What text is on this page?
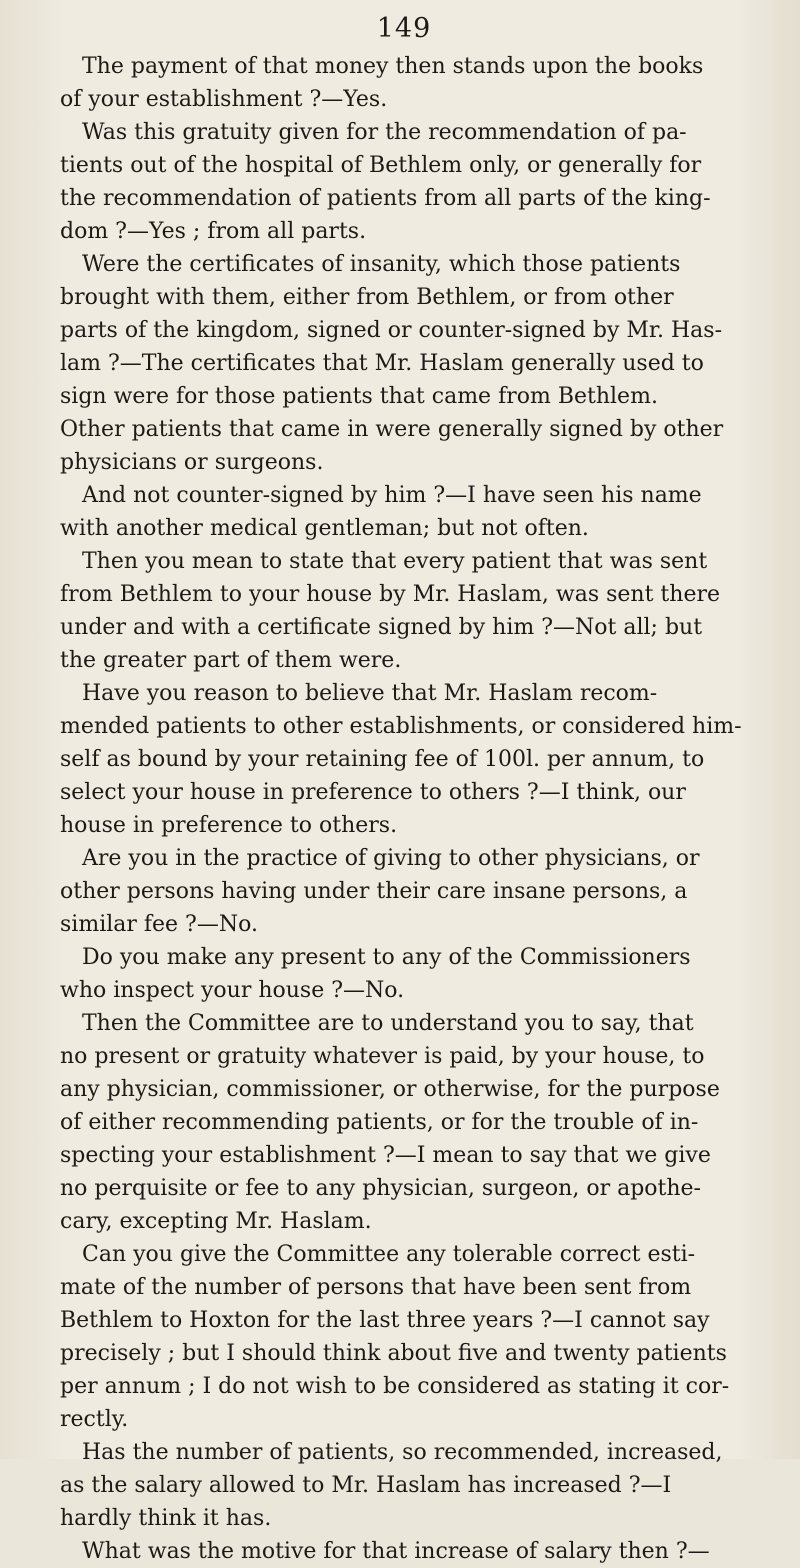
149

The payment of that money then stands upon the books
of your establishment ?—Yes.

Was this gratuity given for the recommendation of pa-
tients out of the hospital of Bethlem only, or generally for
the recommendation of patients from all parts of the king-
dom ?—Yes ; from all parts.

Were the certificates of insanity, which those patients
brought with them, either from Bethlem, or from other
parts of the kingdom, signed or counter-signed by Mr. Has-
lam ?—The certificates that Mr. Haslam generally used to
sign were for those patients that came from Bethlem.
Other patients that came in were generally signed by other
physicians or surgeons.

And not counter-signed by him ?—I have seen his name
with another medical gentleman; but not often.

Then you mean to state that every patient that was sent
from Bethlem to your house by Mr. Haslam, was sent there
under and with a certificate signed by him ?—Not all; but
the greater part of them were.

Have you reason to believe that Mr. Haslam recom-
mended patients to other establishments, or considered him-
self as bound by your retaining fee of 100l. per annum, to
select your house in preference to others ?—I think, our
house in preference to others.

Are you in the practice of giving to other physicians, or
other persons having under their care insane persons, a
similar fee ?—No.

Do you make any present to any of the Commissioners
who inspect your house ?—No.

Then the Committee are to understand you to say, that
no present or gratuity whatever is paid, by your house, to
any physician, commissioner, or otherwise, for the purpose
of either recommending patients, or for the trouble of in-
specting your establishment ?—I mean to say that we give
no perquisite or fee to any physician, surgeon, or apothe-
cary, excepting Mr. Haslam.

Can you give the Committee any tolerable correct esti-
mate of the number of persons that have been sent from
Bethlem to Hoxton for the last three years ?—I cannot say
precisely ; but I should think about five and twenty patients
per annum ; I do not wish to be considered as stating it cor-
rectly.

Has the number of patients, so recommended, increased,
as the salary allowed to Mr. Haslam has increased ?—I
hardly think it has.

What was the motive for that increase of salary then ?—
